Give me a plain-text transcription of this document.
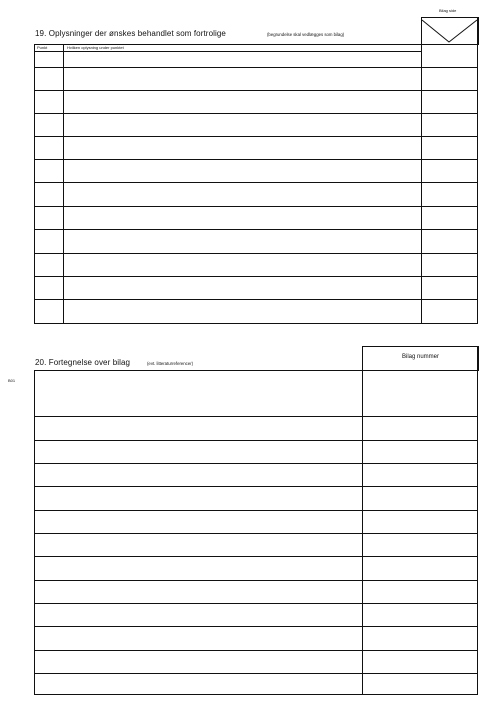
Bilag side
19. Oplysninger der ønskes behandlet som fortrolige	(begrundelse skal vedlægges som bilag)
Punkt	Hvilken oplysning under punktet
B01
20. Fortegnelse over bilag	(evt. litteraturreferencer)
Bilag nummer
